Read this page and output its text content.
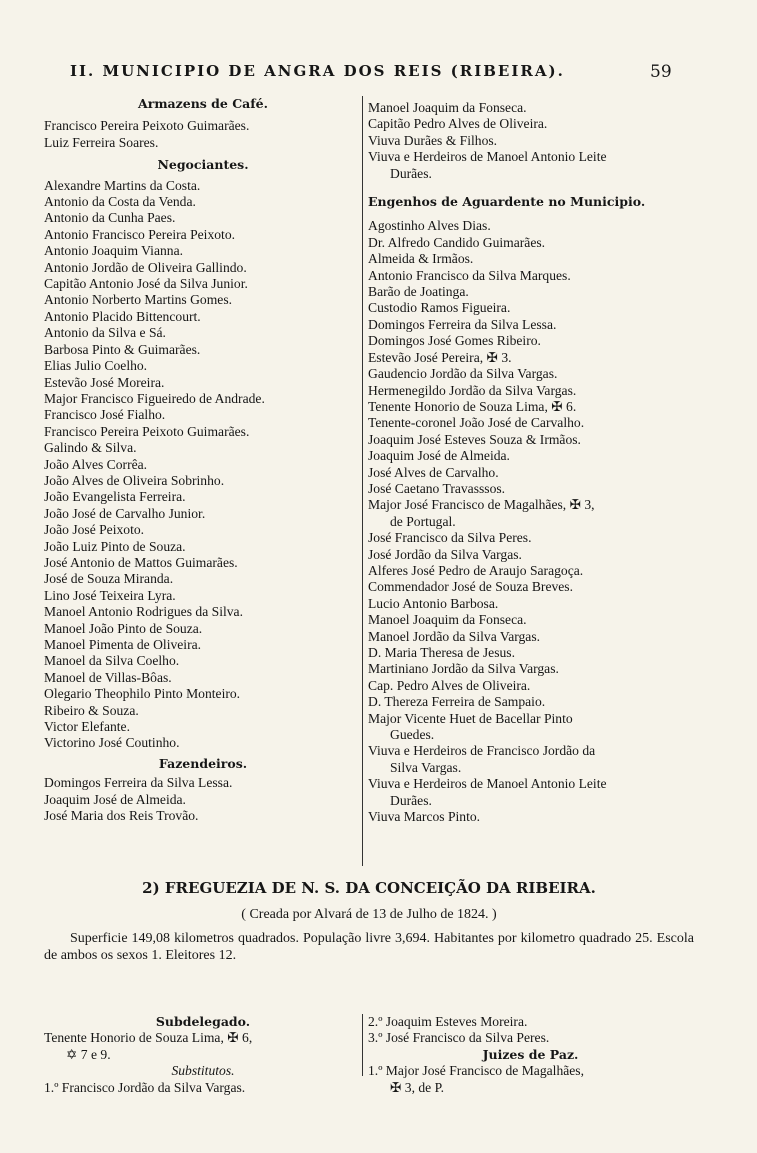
II. MUNICIPIO DE ANGRA DOS REIS (RIBEIRA).	59
Armazens de Café.
Francisco Pereira Peixoto Guimarães.
Luiz Ferreira Soares.
Negociantes.
Alexandre Martins da Costa.
Antonio da Costa da Venda.
Antonio da Cunha Paes.
Antonio Francisco Pereira Peixoto.
Antonio Joaquim Vianna.
Antonio Jordão de Oliveira Gallindo.
Capitão Antonio José da Silva Junior.
Antonio Norberto Martins Gomes.
Antonio Placido Bittencourt.
Antonio da Silva e Sá.
Barbosa Pinto & Guimarães.
Elias Julio Coelho.
Estevão José Moreira.
Major Francisco Figueiredo de Andrade.
Francisco José Fialho.
Francisco Pereira Peixoto Guimarães.
Galindo & Silva.
João Alves Corrêa.
João Alves de Oliveira Sobrinho.
João Evangelista Ferreira.
João José de Carvalho Junior.
João José Peixoto.
João Luiz Pinto de Souza.
José Antonio de Mattos Guimarães.
José de Souza Miranda.
Lino José Teixeira Lyra.
Manoel Antonio Rodrigues da Silva.
Manoel João Pinto de Souza.
Manoel Pimenta de Oliveira.
Manoel da Silva Coelho.
Manoel de Villas-Bôas.
Olegario Theophilo Pinto Monteiro.
Ribeiro & Souza.
Victor Elefante.
Victorino José Coutinho.
Fazendeiros.
Domingos Ferreira da Silva Lessa.
Joaquim José de Almeida.
José Maria dos Reis Trovão.
Manoel Joaquim da Fonseca.
Capitão Pedro Alves de Oliveira.
Viuva Durães & Filhos.
Viuva e Herdeiros de Manoel Antonio Leite
Durães.
Engenhos de Aguardente no Municipio.
Agostinho Alves Dias.
Dr. Alfredo Candido Guimarães.
Almeida & Irmãos.
Antonio Francisco da Silva Marques.
Barão de Joatinga.
Custodio Ramos Figueira.
Domingos Ferreira da Silva Lessa.
Domingos José Gomes Ribeiro.
Estevão José Pereira, ✠ 3.
Gaudencio Jordão da Silva Vargas.
Hermenegildo Jordão da Silva Vargas.
Tenente Honorio de Souza Lima, ✠ 6.
Tenente-coronel João José de Carvalho.
Joaquim José Esteves Souza & Irmãos.
Joaquim José de Almeida.
José Alves de Carvalho.
José Caetano Travasssos.
Major José Francisco de Magalhães, ✠ 3,
de Portugal.
José Francisco da Silva Peres.
José Jordão da Silva Vargas.
Alferes José Pedro de Araujo Saragoça.
Commendador José de Souza Breves.
Lucio Antonio Barbosa.
Manoel Joaquim da Fonseca.
Manoel Jordão da Silva Vargas.
D. Maria Theresa de Jesus.
Martiniano Jordão da Silva Vargas.
Cap. Pedro Alves de Oliveira.
D. Thereza Ferreira de Sampaio.
Major Vicente Huet de Bacellar Pinto
Guedes.
Viuva e Herdeiros de Francisco Jordão da
Silva Vargas.
Viuva e Herdeiros de Manoel Antonio Leite
Durães.
Viuva Marcos Pinto.
2) FREGUEZIA DE N. S. DA CONCEIÇÃO DA RIBEIRA.
( Creada por Alvará de 13 de Julho de 1824. )
Superficie 149,08 kilometros quadrados. População livre 3,694. Habitantes por kilometro quadrado 25. Escola de ambos os sexos 1. Eleitores 12.
Subdelegado.
Tenente Honorio de Souza Lima, ✠ 6,
✡ 7 e 9.
Substitutos.
1.º Francisco Jordão da Silva Vargas.
2.º Joaquim Esteves Moreira.
3.º José Francisco da Silva Peres.
Juizes de Paz.
1.º Major José Francisco de Magalhães,
✠ 3, de P.
